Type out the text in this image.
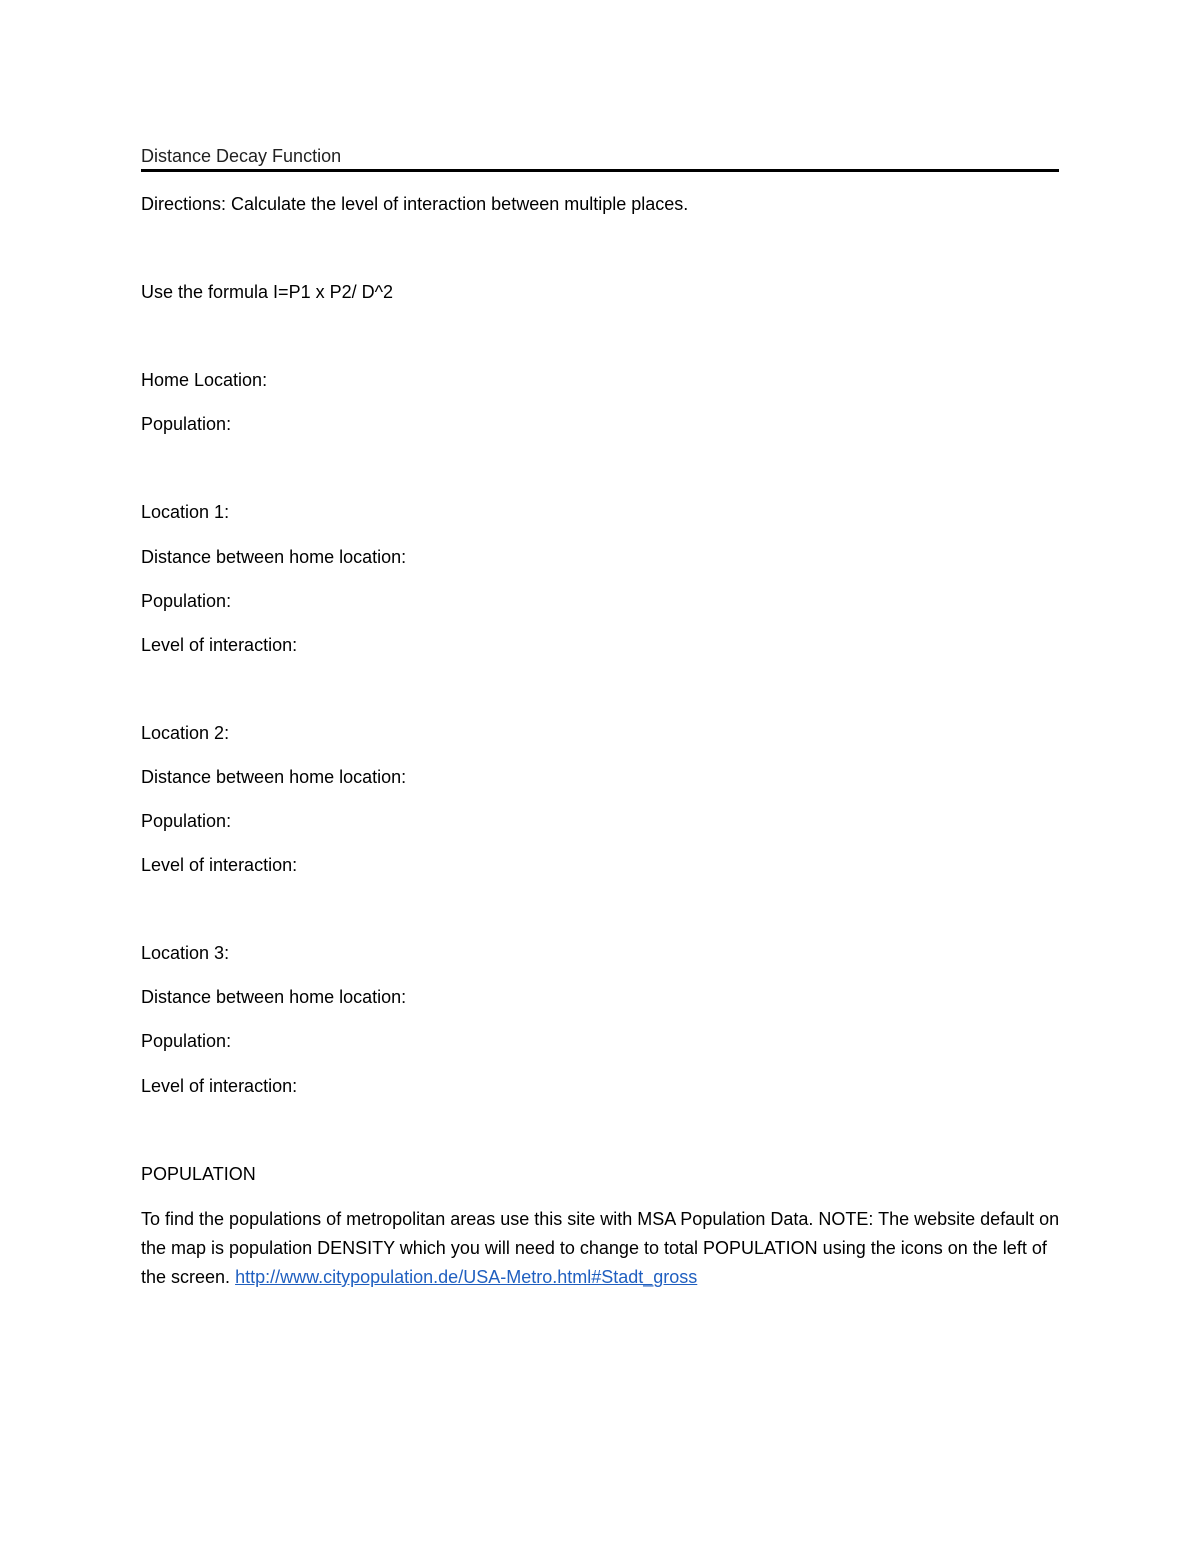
Distance Decay Function

Directions: Calculate the level of interaction between multiple places.

Use the formula I=P1 x P2/ D^2

Home Location:

Population:

Location 1:

Distance between home location:

Population:

Level of interaction:

Location 2:

Distance between home location:

Population:

Level of interaction:

Location 3:

Distance between home location:

Population:

Level of interaction:

POPULATION

To find the populations of metropolitan areas use this site with MSA Population Data. NOTE: The website default on the map is population DENSITY which you will need to change to total POPULATION using the icons on the left of the screen. http://www.citypopulation.de/USA-Metro.html#Stadt_gross
